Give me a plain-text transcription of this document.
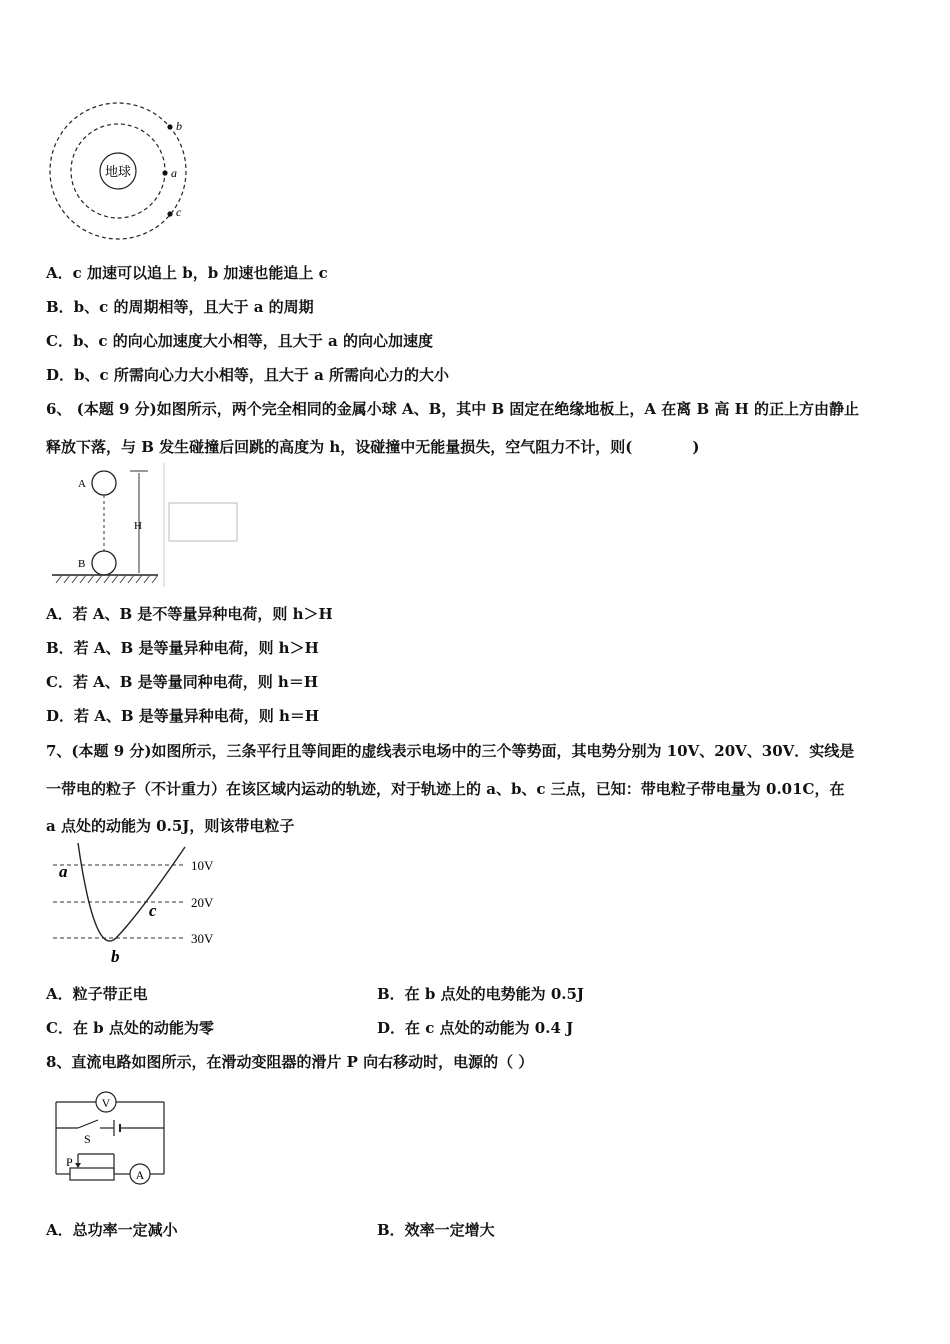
地球
b
a
c
A．c 加速可以追上 b，b 加速也能追上 c
B．b、c 的周期相等，且大于 a 的周期
C．b、c 的向心加速度大小相等，且大于 a 的向心加速度
D．b、c 所需向心力大小相等，且大于 a 所需向心力的大小
6、 (本题 9 分)如图所示，两个完全相同的金属小球 A、B，其中 B 固定在绝缘地板上，A 在离 B 高 H 的正上方由静止
释放下落，与 B 发生碰撞后回跳的高度为 h，设碰撞中无能量损失，空气阻力不计，则(　　　　)
A
B
H
A．若 A、B 是不等量异种电荷，则 h＞H
B．若 A、B 是等量异种电荷，则 h＞H
C．若 A、B 是等量同种电荷，则 h＝H
D．若 A、B 是等量异种电荷，则 h＝H
7、(本题 9 分)如图所示，三条平行且等间距的虚线表示电场中的三个等势面，其电势分别为 10V、20V、30V．实线是
一带电的粒子（不计重力）在该区域内运动的轨迹，对于轨迹上的 a、b、c 三点，已知：带电粒子带电量为 0.01C，在
a 点处的动能为 0.5J，则该带电粒子
10V
20V
30V
a
b
c
A．粒子带正电	B．在 b 点处的电势能为 0.5J
C．在 b 点处的动能为零	D．在 c 点处的动能为 0.4 J
8、直流电路如图所示，在滑动变阻器的滑片 P 向右移动时，电源的（ ）
V
S
P
A
A．总功率一定减小	B．效率一定增大
